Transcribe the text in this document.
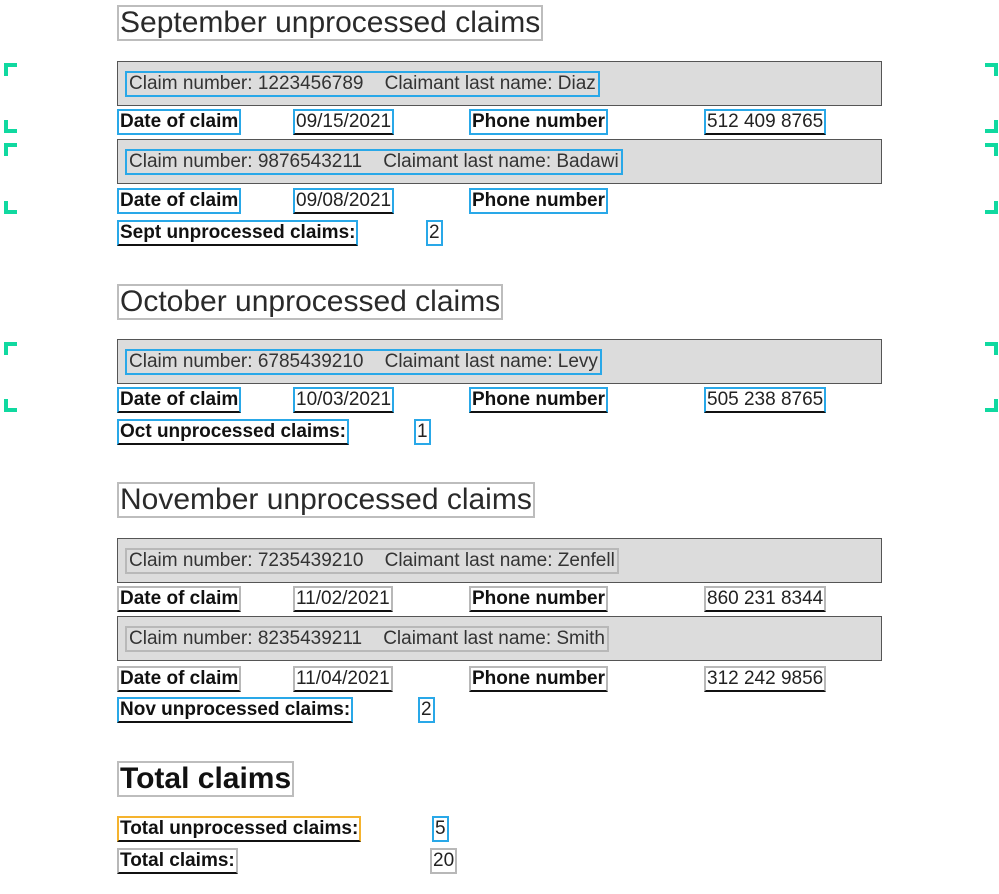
September unprocessed claims
Claim number: 1223456789    Claimant last name: Diaz
Date of claim	09/15/2021	Phone number	512 409 8765
Claim number: 9876543211    Claimant last name: Badawi
Date of claim	09/08/2021	Phone number
Sept unprocessed claims:	2
October unprocessed claims
Claim number: 6785439210    Claimant last name: Levy
Date of claim	10/03/2021	Phone number	505 238 8765
Oct unprocessed claims:	1
November unprocessed claims
Claim number: 7235439210    Claimant last name: Zenfell
Date of claim	11/02/2021	Phone number	860 231 8344
Claim number: 8235439211    Claimant last name: Smith
Date of claim	11/04/2021	Phone number	312 242 9856
Nov unprocessed claims:	2
Total claims
Total unprocessed claims:	5
Total claims:	20
